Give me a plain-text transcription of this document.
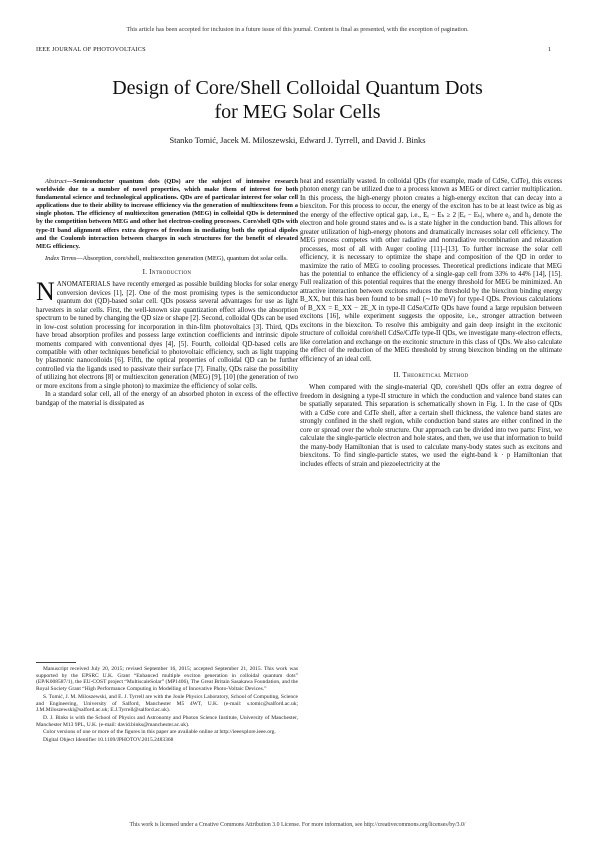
This article has been accepted for inclusion in a future issue of this journal. Content is final as presented, with the exception of pagination.
IEEE JOURNAL OF PHOTOVOLTAICS	1
Design of Core/Shell Colloidal Quantum Dots
for MEG Solar Cells
Stanko Tomić, Jacek M. Miloszewski, Edward J. Tyrrell, and David J. Binks

Abstract—Semiconductor quantum dots (QDs) are the subject of intensive research worldwide due to a number of novel properties, which make them of interest for both fundamental science and technological applications. QDs are of particular interest for solar cell applications due to their ability to increase efficiency via the generation of multiexcitons from a single photon. The efficiency of multiexciton generation (MEG) in colloidal QDs is determined by the competition between MEG and other hot electron-cooling processes. Core/shell QDs with type-II band alignment offers extra degrees of freedom in mediating both the optical dipoles and the Coulomb interaction between charges in such structures for the benefit of elevated MEG efficiency.

Index Terms—Absorption, core/shell, multiexciton generation (MEG), quantum dot solar cells.

I. Introduction

NANOMATERIALS have recently emerged as possible building blocks for solar energy conversion devices [1], [2]. One of the most promising types is the semiconductor quantum dot (QD)-based solar cell. QDs possess several advantages for use as light harvesters in solar cells. First, the well-known size quantization effect allows the absorption spectrum to be tuned by changing the QD size or shape [2]. Second, colloidal QDs can be used in low-cost solution processing for incorporation in thin-film photovoltaics [3]. Third, QDs have broad absorption profiles and possess large extinction coefficients and intrinsic dipole moments compared with conventional dyes [4], [5]. Fourth, colloidal QD-based cells are compatible with other techniques beneficial to photovoltaic efficiency, such as light trapping by plasmonic nanocolloids [6]. Fifth, the optical properties of colloidal QD can be further controlled via the ligands used to passivate their surface [7]. Finally, QDs raise the possibility of utilizing hot electrons [8] or multiexciton generation (MEG) [9], [10] (the generation of two or more excitons from a single photon) to maximize the efficiency of solar cells.

In a standard solar cell, all of the energy of an absorbed photon in excess of the effective bandgap of the material is dissipated as

Manuscript received July 20, 2015; revised September 16, 2015; accepted September 21, 2015. This work was supported by the EPSRC U.K. Grant “Enhanced multiple exciton generation in colloidal quantum dots” (EP/K008587/1), the EU-COST project “MultiscaleSolar” (MP1406), The Great Britain Sasakawa Foundation, and the Royal Society Grant “High Performance Computing in Modelling of Innovative Photo-Voltaic Devices.”

S. Tomić, J. M. Miloszewski, and E. J. Tyrrell are with the Joule Physics Laboratory, School of Computing, Science and Engineering, University of Salford, Manchester M5 4WT, U.K. (e-mail: s.tomic@salford.ac.uk; J.M.Miloszewski@salford.ac.uk; E.J.Tyrrell@salford.ac.uk).

D. J. Binks is with the School of Physics and Astronomy and Photon Science Institute, University of Manchester, Manchester M13 9PL, U.K. (e-mail: david.binks@manchester.ac.uk).

Color versions of one or more of the figures in this paper are available online at http://ieeexplore.ieee.org.

Digital Object Identifier 10.1109/JPHOTOV.2015.2483368

heat and essentially wasted. In colloidal QDs (for example, made of CdSe, CdTe), this excess photon energy can be utilized due to a process known as MEG or direct carrier multiplication. In this process, the high-energy photon creates a high-energy exciton that can decay into a biexciton. For this process to occur, the energy of the exciton has to be at least twice as big as the energy of the effective optical gap, i.e., Eₑ − Eₕ ≥ 2 |Eₑ − Eₕ|, where e₀ and h₀ denote the electron and hole ground states and eₙ is a state higher in the conduction band. This allows for greater utilization of high-energy photons and dramatically increases solar cell efficiency. The MEG process competes with other radiative and nonradiative recombination and relaxation processes, most of all with Auger cooling [11]–[13]. To further increase the solar cell efficiency, it is necessary to optimize the shape and composition of the QD in order to maximize the ratio of MEG to cooling processes. Theoretical predictions indicate that MEG has the potential to enhance the efficiency of a single-gap cell from 33% to 44% [14], [15]. Full realization of this potential requires that the energy threshold for MEG be minimized. An attractive interaction between excitons reduces the threshold by the biexciton binding energy B_XX, but this has been found to be small (∼10 meV) for type-I QDs. Previous calculations of B_XX = E_XX − 2E_X in type-II CdSe/CdTe QDs have found a large repulsion between excitons [16], while experiment suggests the opposite, i.e., stronger attraction between excitons in the biexciton. To resolve this ambiguity and gain deep insight in the excitonic structure of colloidal core/shell CdSe/CdTe type-II QDs, we investigate many-electron effects, like correlation and exchange on the excitonic structure in this class of QDs. We also calculate the effect of the reduction of the MEG threshold by strong biexciton binding on the ultimate efficiency of an ideal cell.

II. Theoretical Method

When compared with the single-material QD, core/shell QDs offer an extra degree of freedom in designing a type-II structure in which the conduction and valence band states can be spatially separated. This separation is schematically shown in Fig. 1. In the case of QDs with a CdSe core and CdTe shell, after a certain shell thickness, the valence band states are strongly confined in the shell region, while conduction band states are either confined in the core or spread over the whole structure. Our approach can be divided into two parts: First, we calculate the single-particle electron and hole states, and then, we use that information to build the many-body Hamiltonian that is used to calculate many-body states such as excitons and biexcitons. To find single-particle states, we used the eight-band k · p Hamiltonian that includes effects of strain and piezoelectricity at the

This work is licensed under a Creative Commons Attribution 3.0 License. For more information, see http://creativecommons.org/licenses/by/3.0/
